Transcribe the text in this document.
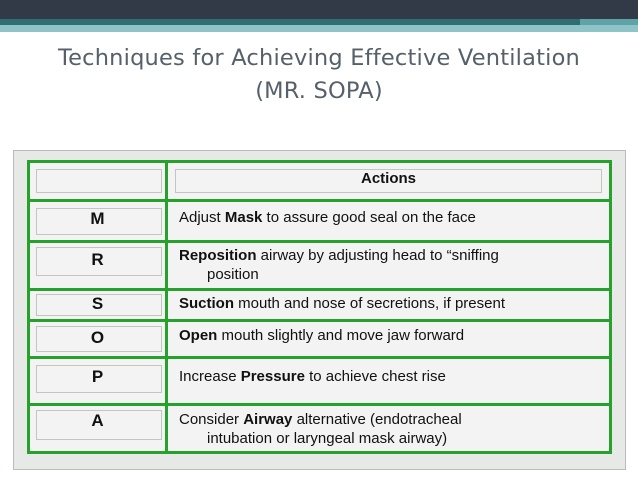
Techniques for Achieving Effective Ventilation
(MR. SOPA)
Actions
M	Adjust Mask to assure good seal on the face
R	Reposition airway by adjusting head to “sniffing
position
S	Suction mouth and nose of secretions, if present
O	Open mouth slightly and move jaw forward
P	Increase Pressure to achieve chest rise
A	Consider Airway alternative (endotracheal
intubation or laryngeal mask airway)
